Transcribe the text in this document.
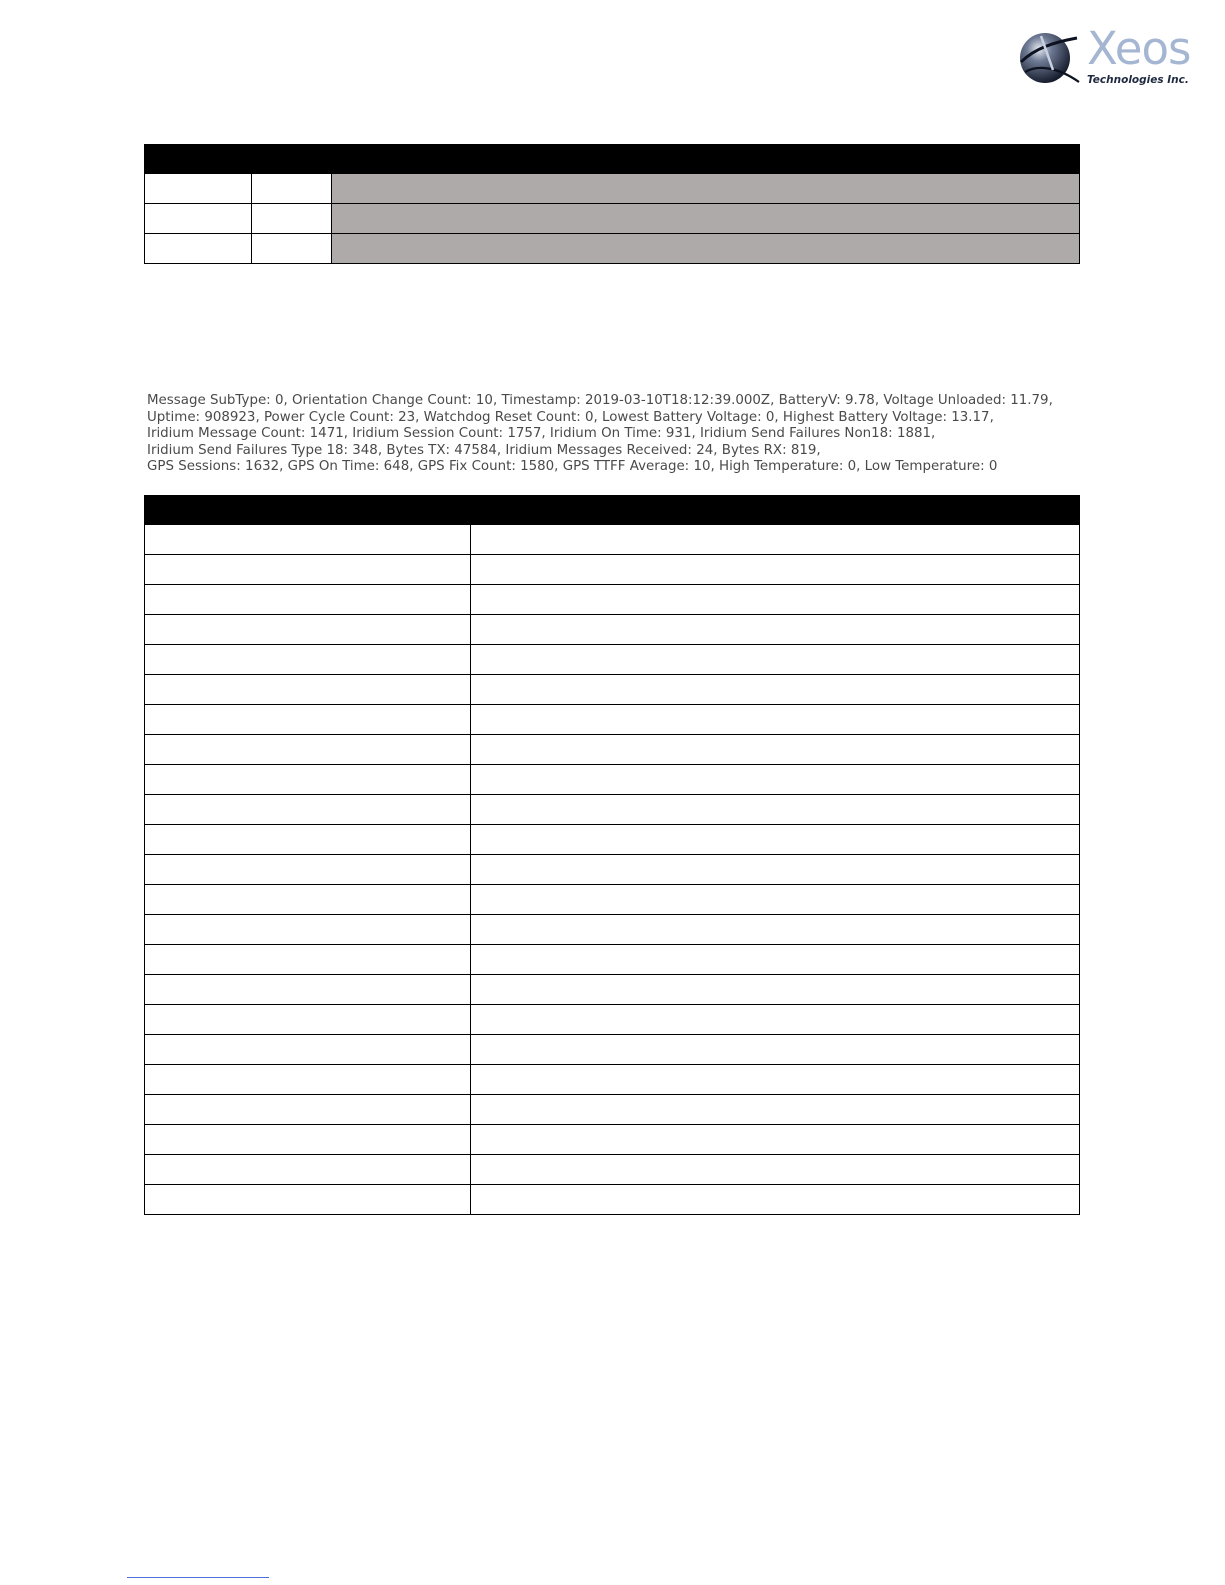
Xeos
Technologies Inc.

Message SubType: 0, Orientation Change Count: 10, Timestamp: 2019-03-10T18:12:39.000Z, BatteryV: 9.78, Voltage Unloaded: 11.79,
Uptime: 908923, Power Cycle Count: 23, Watchdog Reset Count: 0, Lowest Battery Voltage: 0, Highest Battery Voltage: 13.17,
Iridium Message Count: 1471, Iridium Session Count: 1757, Iridium On Time: 931, Iridium Send Failures Non18: 1881,
Iridium Send Failures Type 18: 348, Bytes TX: 47584, Iridium Messages Received: 24, Bytes RX: 819,
GPS Sessions: 1632, GPS On Time: 648, GPS Fix Count: 1580, GPS TTFF Average: 10, High Temperature: 0, Low Temperature: 0
